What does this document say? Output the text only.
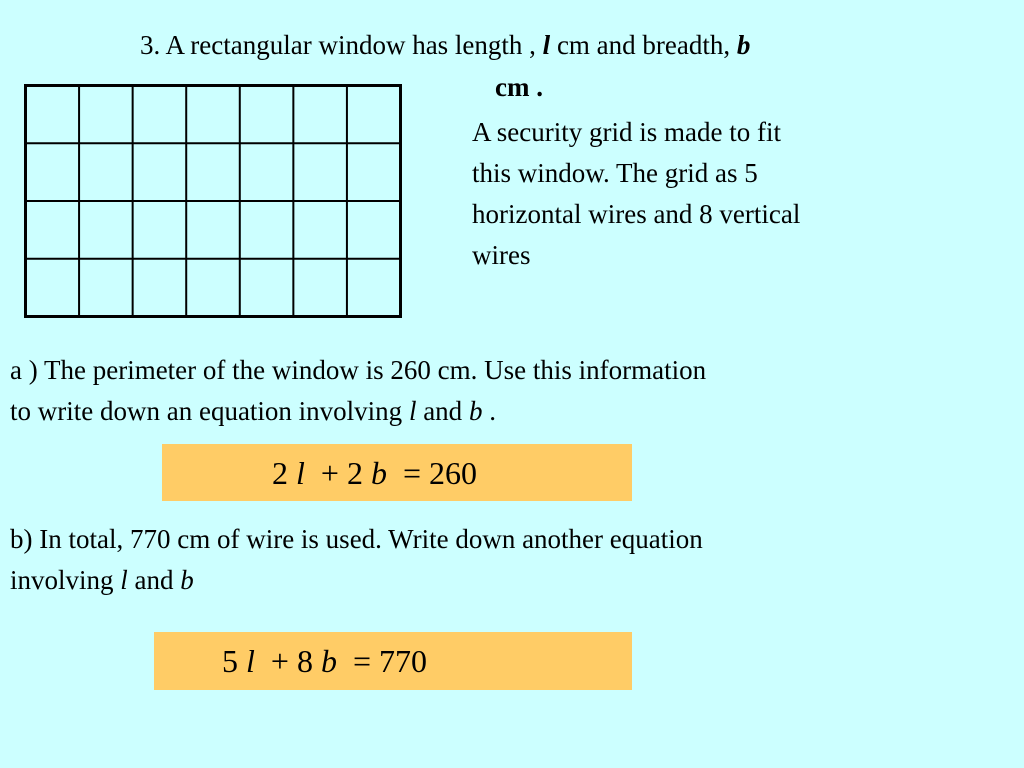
3. A rectangular window has length , l cm and breadth, b
cm .
A security grid is made to fit
this window. The grid as 5
horizontal wires and 8 vertical
wires
a ) The perimeter of the window is 260 cm. Use this information
to write down an equation involving l and b .
2 l + 2 b = 260
b) In total, 770 cm of wire is used. Write down another equation
involving l and b
5 l + 8 b = 770
